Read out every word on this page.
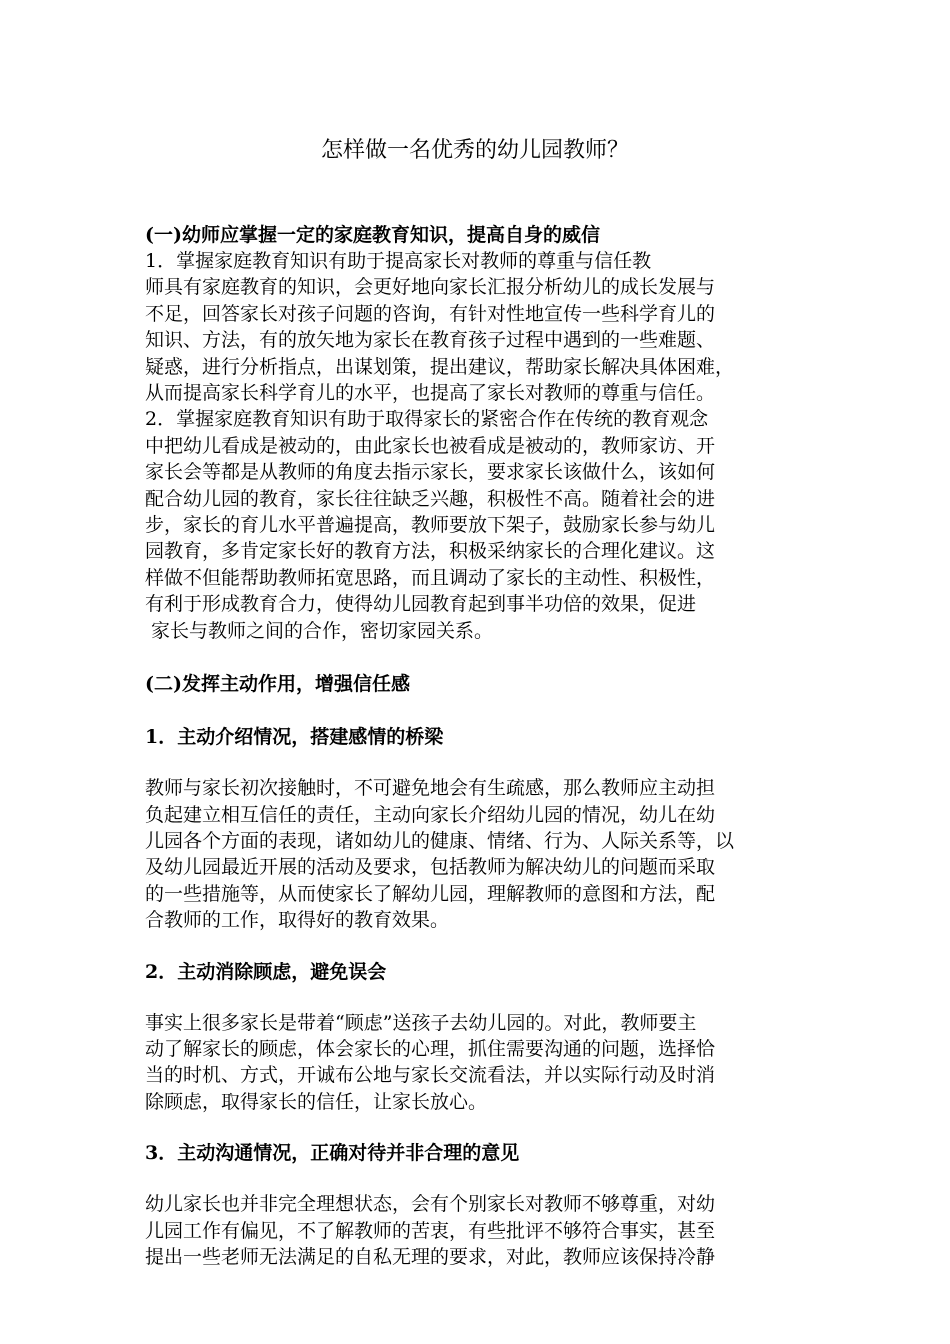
怎样做一名优秀的幼儿园教师？
(一)幼师应掌握一定的家庭教育知识，提高自身的威信
1．掌握家庭教育知识有助于提高家长对教师的尊重与信任教
师具有家庭教育的知识，会更好地向家长汇报分析幼儿的成长发展与
不足，回答家长对孩子问题的咨询，有针对性地宣传一些科学育儿的
知识、方法，有的放矢地为家长在教育孩子过程中遇到的一些难题、
疑惑，进行分析指点，出谋划策，提出建议，帮助家长解决具体困难，
从而提高家长科学育儿的水平，也提高了家长对教师的尊重与信任。
2．掌握家庭教育知识有助于取得家长的紧密合作在传统的教育观念
中把幼儿看成是被动的，由此家长也被看成是被动的，教师家访、开
家长会等都是从教师的角度去指示家长，要求家长该做什么，该如何
配合幼儿园的教育，家长往往缺乏兴趣，积极性不高。随着社会的进
步，家长的育儿水平普遍提高，教师要放下架子，鼓励家长参与幼儿
园教育，多肯定家长好的教育方法，积极采纳家长的合理化建议。这
样做不但能帮助教师拓宽思路，而且调动了家长的主动性、积极性，
有利于形成教育合力，使得幼儿园教育起到事半功倍的效果，促进
家长与教师之间的合作，密切家园关系。
(二)发挥主动作用，增强信任感
1．主动介绍情况，搭建感情的桥梁
教师与家长初次接触时，不可避免地会有生疏感，那么教师应主动担
负起建立相互信任的责任，主动向家长介绍幼儿园的情况，幼儿在幼
儿园各个方面的表现，诸如幼儿的健康、情绪、行为、人际关系等，以
及幼儿园最近开展的活动及要求，包括教师为解决幼儿的问题而采取
的一些措施等，从而使家长了解幼儿园，理解教师的意图和方法，配
合教师的工作，取得好的教育效果。
2．主动消除顾虑，避免误会
事实上很多家长是带着“顾虑”送孩子去幼儿园的。对此，教师要主
动了解家长的顾虑，体会家长的心理，抓住需要沟通的问题，选择恰
当的时机、方式，开诚布公地与家长交流看法，并以实际行动及时消
除顾虑，取得家长的信任，让家长放心。
3．主动沟通情况，正确对待并非合理的意见
幼儿家长也并非完全理想状态，会有个别家长对教师不够尊重，对幼
儿园工作有偏见，不了解教师的苦衷，有些批评不够符合事实，甚至
提出一些老师无法满足的自私无理的要求，对此，教师应该保持冷静
